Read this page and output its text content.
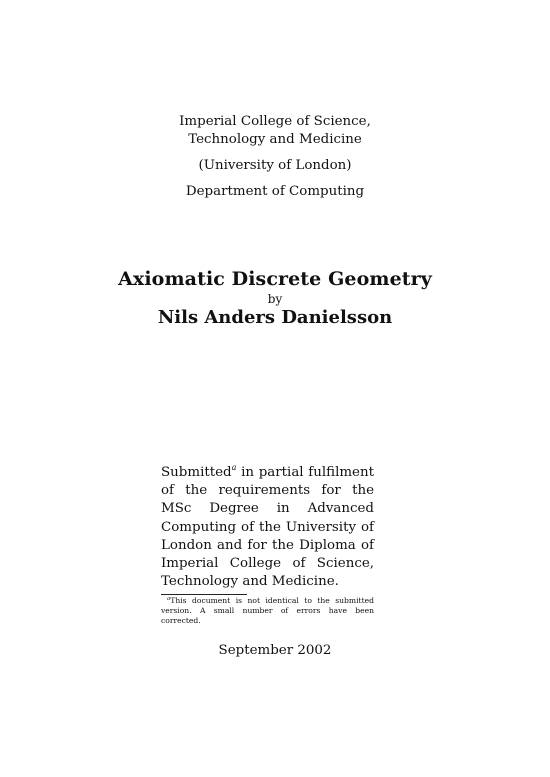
Imperial College of Science,
Technology and Medicine
(University of London)
Department of Computing
Axiomatic Discrete Geometry
by
Nils Anders Danielsson

Submitted$^a$ in partial fulfilment of the requirements for the MSc Degree in Advanced Computing of the University of London and for the Diploma of Imperial College of Science, Technology and Medicine.

$^a$This document is not identical to the submitted version. A small number of errors have been corrected.
September 2002
